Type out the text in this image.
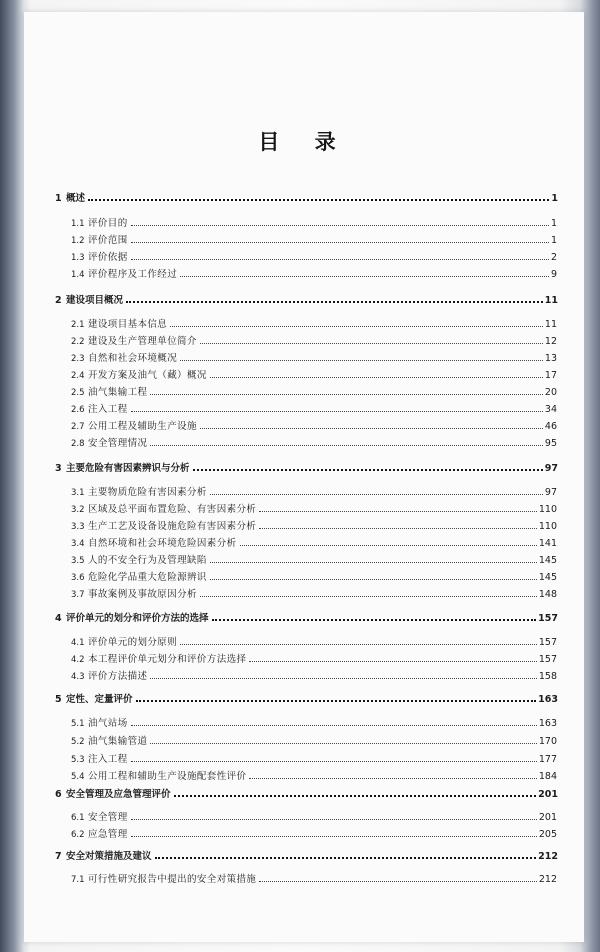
目 录
1 概述	1
1.1 评价目的	1
1.2 评价范围	1
1.3 评价依据	2
1.4 评价程序及工作经过	9
2 建设项目概况	11
2.1 建设项目基本信息	11
2.2 建设及生产管理单位简介	12
2.3 自然和社会环境概况	13
2.4 开发方案及油气（藏）概况	17
2.5 油气集输工程	20
2.6 注入工程	34
2.7 公用工程及辅助生产设施	46
2.8 安全管理情况	95
3 主要危险有害因素辨识与分析	97
3.1 主要物质危险有害因素分析	97
3.2 区域及总平面布置危险、有害因素分析	110
3.3 生产工艺及设备设施危险有害因素分析	110
3.4 自然环境和社会环境危险因素分析	141
3.5 人的不安全行为及管理缺陷	145
3.6 危险化学品重大危险源辨识	145
3.7 事故案例及事故原因分析	148
4 评价单元的划分和评价方法的选择	157
4.1 评价单元的划分原则	157
4.2 本工程评价单元划分和评价方法选择	157
4.3 评价方法描述	158
5 定性、定量评价	163
5.1 油气站场	163
5.2 油气集输管道	170
5.3 注入工程	177
5.4 公用工程和辅助生产设施配套性评价	184
6 安全管理及应急管理评价	201
6.1 安全管理	201
6.2 应急管理	205
7 安全对策措施及建议	212
7.1 可行性研究报告中提出的安全对策措施	212
